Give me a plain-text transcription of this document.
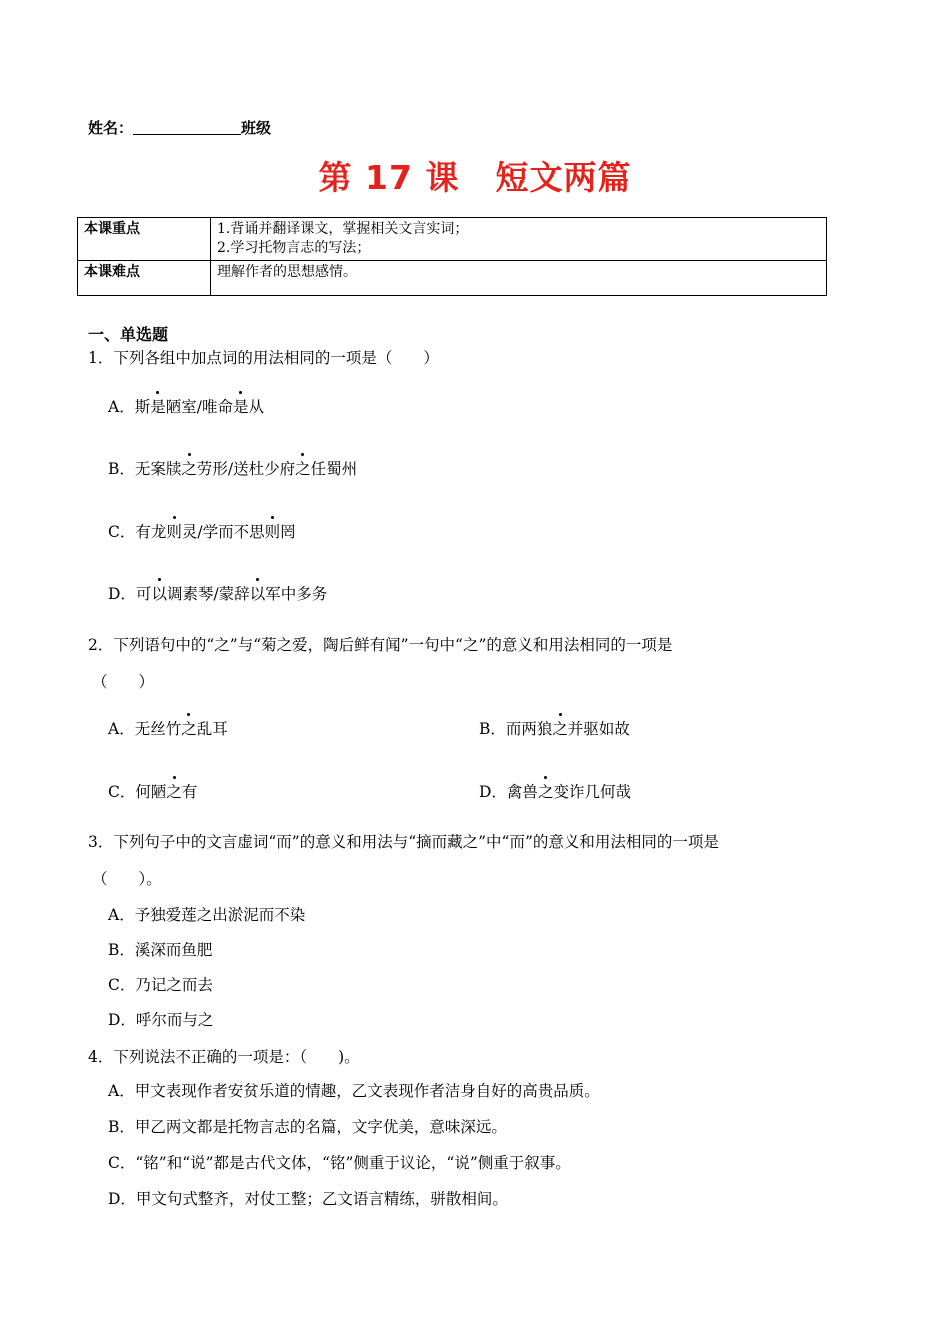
姓名：	班级
第 17 课 短文两篇
本课重点	1.背诵并翻译课文，掌握相关文言实词；
2.学习托物言志的写法；

本课难点	理解作者的思想感情。
一、单选题
1．下列各组中加点词的用法相同的一项是（　　）
A．斯是陋室/唯命是从
B．无案牍之劳形/送杜少府之任蜀州
C．有龙则灵/学而不思则罔
D．可以调素琴/蒙辞以军中多务
2．下列语句中的“之”与“菊之爱，陶后鲜有闻”一句中“之”的意义和用法相同的一项是
（　　）
A．无丝竹之乱耳	B．而两狼之并驱如故
C．何陋之有	D．禽兽之变诈几何哉
3．下列句子中的文言虚词“而”的意义和用法与“摘而藏之”中“而”的意义和用法相同的一项是
（　　）。
A．予独爱莲之出淤泥而不染
B．溪深而鱼肥
C．乃记之而去
D．呼尔而与之
4．下列说法不正确的一项是：（　　)。
A．甲文表现作者安贫乐道的情趣，乙文表现作者洁身自好的高贵品质。
B．甲乙两文都是托物言志的名篇，文字优美，意味深远。
C．“铭”和“说”都是古代文体，“铭”侧重于议论，“说”侧重于叙事。
D．甲文句式整齐，对仗工整；乙文语言精练，骈散相间。
